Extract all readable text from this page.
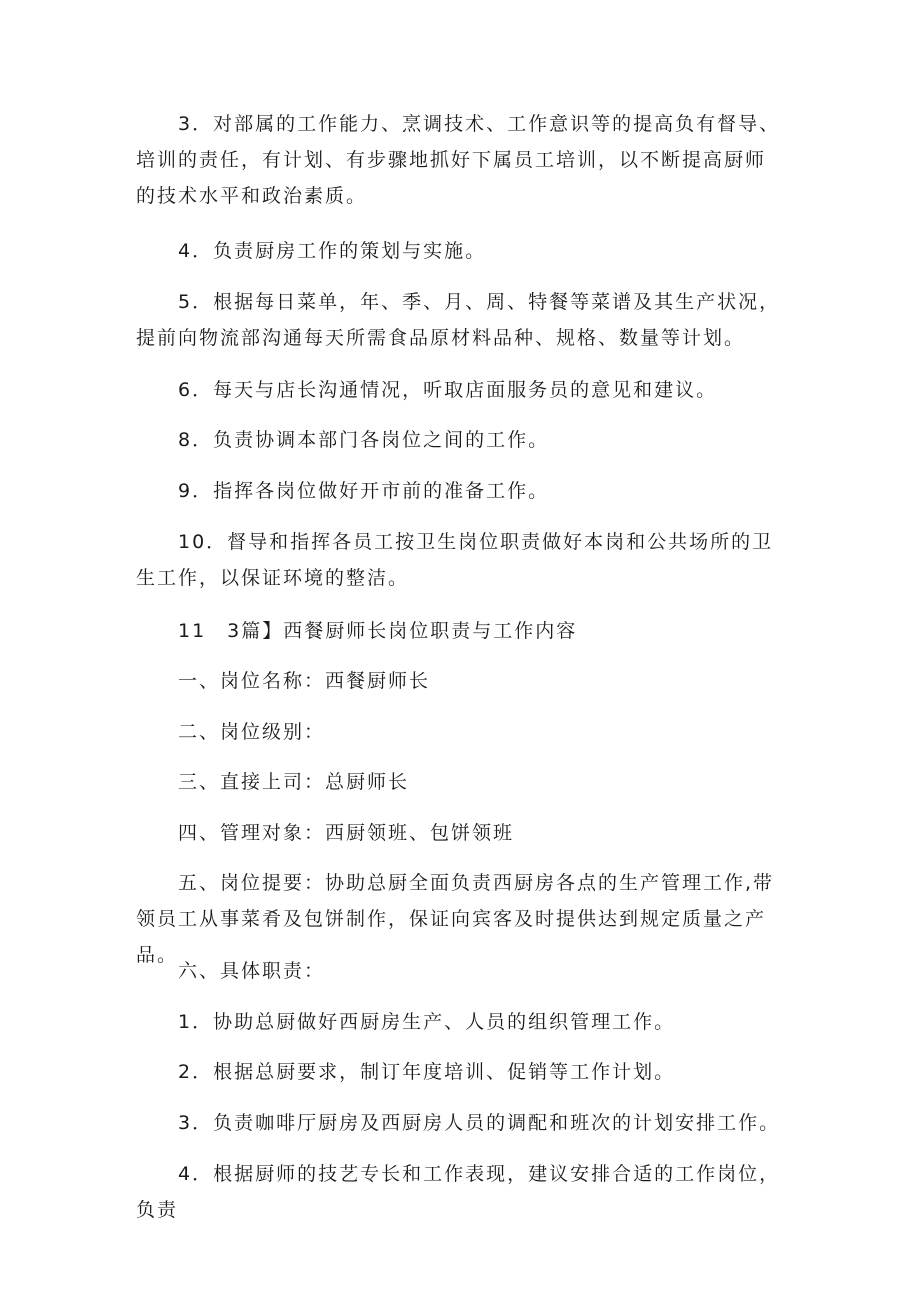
3．对部属的工作能力、烹调技术、工作意识等的提高负有督导、培训的责任，有计划、有步骤地抓好下属员工培训，以不断提高厨师的技术水平和政治素质。

4．负责厨房工作的策划与实施。

5．根据每日菜单，年、季、月、周、特餐等菜谱及其生产状况，提前向物流部沟通每天所需食品原材料品种、规格、数量等计划。

6．每天与店长沟通情况，听取店面服务员的意见和建议。

8．负责协调本部门各岗位之间的工作。

9．指挥各岗位做好开市前的准备工作。

10．督导和指挥各员工按卫生岗位职责做好本岗和公共场所的卫生工作，以保证环境的整洁。

11　3篇】西餐厨师长岗位职责与工作内容

一、岗位名称：西餐厨师长

二、岗位级别：

三、直接上司：总厨师长

四、管理对象：西厨领班、包饼领班

五、岗位提要：协助总厨全面负责西厨房各点的生产管理工作,带领员工从事菜肴及包饼制作，保证向宾客及时提供达到规定质量之产品。

六、具体职责：

1．协助总厨做好西厨房生产、人员的组织管理工作。

2．根据总厨要求，制订年度培训、促销等工作计划。

3．负责咖啡厅厨房及西厨房人员的调配和班次的计划安排工作。

4．根据厨师的技艺专长和工作表现，建议安排合适的工作岗位，负责
